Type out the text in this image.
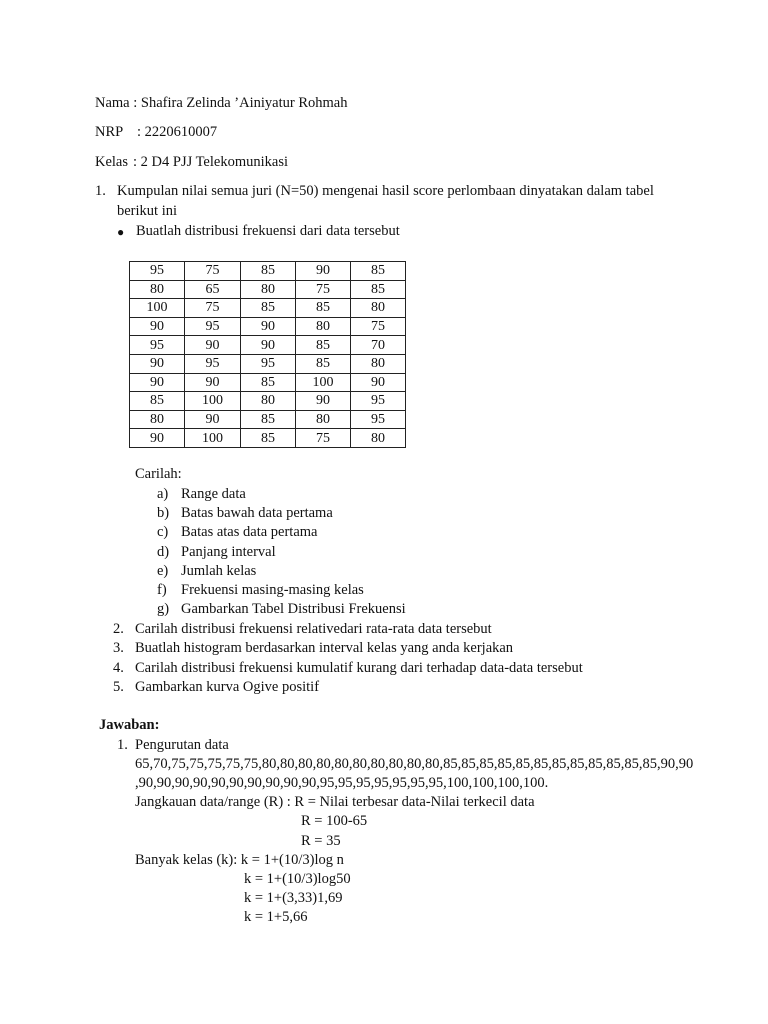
Nama : Shafira Zelinda ’Ainiyatur Rohmah
NRP : 2220610007
Kelas : 2 D4 PJJ Telekomunikasi
1. Kumpulan nilai semua juri (N=50) mengenai hasil score perlombaan dinyatakan dalam tabel
berikut ini
● Buatlah distribusi frekuensi dari data tersebut
95	75	85	90	85
80	65	80	75	85
100	75	85	85	80
90	95	90	80	75
95	90	90	85	70
90	95	95	85	80
90	90	85	100	90
85	100	80	90	95
80	90	85	80	95
90	100	85	75	80
Carilah:
a) Range data
b) Batas bawah data pertama
c) Batas atas data pertama
d) Panjang interval
e) Jumlah kelas
f) Frekuensi masing-masing kelas
g) Gambarkan Tabel Distribusi Frekuensi
2. Carilah distribusi frekuensi relativedari rata-rata data tersebut
3. Buatlah histogram berdasarkan interval kelas yang anda kerjakan
4. Carilah distribusi frekuensi kumulatif kurang dari terhadap data-data tersebut
5. Gambarkan kurva Ogive positif
Jawaban:
1. Pengurutan data
65,70,75,75,75,75,75,80,80,80,80,80,80,80,80,80,80,85,85,85,85,85,85,85,85,85,85,85,85,90,90
,90,90,90,90,90,90,90,90,90,90,95,95,95,95,95,95,95,100,100,100,100.
Jangkauan data/range (R) : R = Nilai terbesar data-Nilai terkecil data
R = 100-65
R = 35
Banyak kelas (k): k = 1+(10/3)log n
k = 1+(10/3)log50
k = 1+(3,33)1,69
k = 1+5,66
